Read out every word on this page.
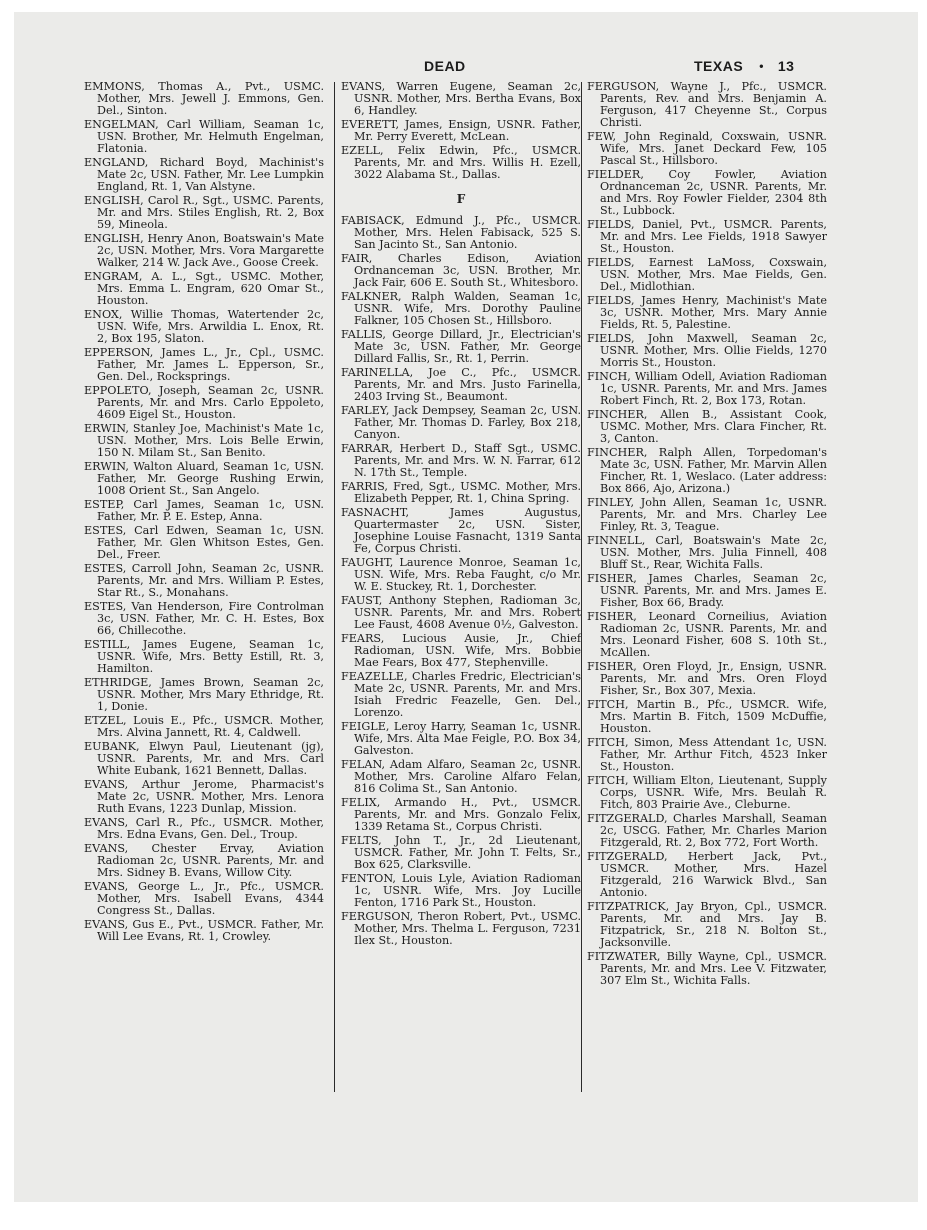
DEAD	TEXAS • 13

EMMONS, Thomas A., Pvt., USMC. Mother, Mrs. Jewell J. Emmons, Gen. Del., Sinton.

ENGELMAN, Carl William, Seaman 1c, USN. Brother, Mr. Helmuth Engelman, Flatonia.

ENGLAND, Richard Boyd, Machinist's Mate 2c, USN. Father, Mr. Lee Lumpkin England, Rt. 1, Van Alstyne.

ENGLISH, Carol R., Sgt., USMC. Parents, Mr. and Mrs. Stiles English, Rt. 2, Box 59, Mineola.

ENGLISH, Henry Anon, Boatswain's Mate 2c, USN. Mother, Mrs. Vora Margarette Walker, 214 W. Jack Ave., Goose Creek.

ENGRAM, A. L., Sgt., USMC. Mother, Mrs. Emma L. Engram, 620 Omar St., Houston.

ENOX, Willie Thomas, Watertender 2c, USN. Wife, Mrs. Arwildia L. Enox, Rt. 2, Box 195, Slaton.

EPPERSON, James L., Jr., Cpl., USMC. Father, Mr. James L. Epperson, Sr., Gen. Del., Rocksprings.

EPPOLETO, Joseph, Seaman 2c, USNR. Parents, Mr. and Mrs. Carlo Eppoleto, 4609 Eigel St., Houston.

ERWIN, Stanley Joe, Machinist's Mate 1c, USN. Mother, Mrs. Lois Belle Erwin, 150 N. Milam St., San Benito.

ERWIN, Walton Aluard, Seaman 1c, USN. Father, Mr. George Rushing Erwin, 1008 Orient St., San Angelo.

ESTEP, Carl James, Seaman 1c, USN. Father, Mr. P. E. Estep, Anna.

ESTES, Carl Edwen, Seaman 1c, USN. Father, Mr. Glen Whitson Estes, Gen. Del., Freer.

ESTES, Carroll John, Seaman 2c, USNR. Parents, Mr. and Mrs. William P. Estes, Star Rt., S., Monahans.

ESTES, Van Henderson, Fire Controlman 3c, USN. Father, Mr. C. H. Estes, Box 66, Chillecothe.

ESTILL, James Eugene, Seaman 1c, USNR. Wife, Mrs. Betty Estill, Rt. 3, Hamilton.

ETHRIDGE, James Brown, Seaman 2c, USNR. Mother, Mrs Mary Ethridge, Rt. 1, Donie.

ETZEL, Louis E., Pfc., USMCR. Mother, Mrs. Alvina Jannett, Rt. 4, Caldwell.

EUBANK, Elwyn Paul, Lieutenant (jg), USNR. Parents, Mr. and Mrs. Carl White Eubank, 1621 Bennett, Dallas.

EVANS, Arthur Jerome, Pharmacist's Mate 2c, USNR. Mother, Mrs. Lenora Ruth Evans, 1223 Dunlap, Mission.

EVANS, Carl R., Pfc., USMCR. Mother, Mrs. Edna Evans, Gen. Del., Troup.

EVANS, Chester Ervay, Aviation Radioman 2c, USNR. Parents, Mr. and Mrs. Sidney B. Evans, Willow City.

EVANS, George L., Jr., Pfc., USMCR. Mother, Mrs. Isabell Evans, 4344 Congress St., Dallas.

EVANS, Gus E., Pvt., USMCR. Father, Mr. Will Lee Evans, Rt. 1, Crowley.

EVANS, Warren Eugene, Seaman 2c, USNR. Mother, Mrs. Bertha Evans, Box 6, Handley.

EVERETT, James, Ensign, USNR. Father, Mr. Perry Everett, McLean.

EZELL, Felix Edwin, Pfc., USMCR. Parents, Mr. and Mrs. Willis H. Ezell, 3022 Alabama St., Dallas.

F

FABISACK, Edmund J., Pfc., USMCR. Mother, Mrs. Helen Fabisack, 525 S. San Jacinto St., San Antonio.

FAIR, Charles Edison, Aviation Ordnanceman 3c, USN. Brother, Mr. Jack Fair, 606 E. South St., Whitesboro.

FALKNER, Ralph Walden, Seaman 1c, USNR. Wife, Mrs. Dorothy Pauline Falkner, 105 Chosen St., Hillsboro.

FALLIS, George Dillard, Jr., Electrician's Mate 3c, USN. Father, Mr. George Dillard Fallis, Sr., Rt. 1, Perrin.

FARINELLA, Joe C., Pfc., USMCR. Parents, Mr. and Mrs. Justo Farinella, 2403 Irving St., Beaumont.

FARLEY, Jack Dempsey, Seaman 2c, USN. Father, Mr. Thomas D. Farley, Box 218, Canyon.

FARRAR, Herbert D., Staff Sgt., USMC. Parents, Mr. and Mrs. W. N. Farrar, 612 N. 17th St., Temple.

FARRIS, Fred, Sgt., USMC. Mother, Mrs. Elizabeth Pepper, Rt. 1, China Spring.

FASNACHT, James Augustus, Quartermaster 2c, USN. Sister, Josephine Louise Fasnacht, 1319 Santa Fe, Corpus Christi.

FAUGHT, Laurence Monroe, Seaman 1c, USN. Wife, Mrs. Reba Faught, c/o Mr. W. E. Stuckey, Rt. 1, Dorchester.

FAUST, Anthony Stephen, Radioman 3c, USNR. Parents, Mr. and Mrs. Robert Lee Faust, 4608 Avenue 0½, Galveston.

FEARS, Lucious Ausie, Jr., Chief Radioman, USN. Wife, Mrs. Bobbie Mae Fears, Box 477, Stephenville.

FEAZELLE, Charles Fredric, Electrician's Mate 2c, USNR. Parents, Mr. and Mrs. Isiah Fredric Feazelle, Gen. Del., Lorenzo.

FEIGLE, Leroy Harry, Seaman 1c, USNR. Wife, Mrs. Alta Mae Feigle, P.O. Box 34, Galveston.

FELAN, Adam Alfaro, Seaman 2c, USNR. Mother, Mrs. Caroline Alfaro Felan, 816 Colima St., San Antonio.

FELIX, Armando H., Pvt., USMCR. Parents, Mr. and Mrs. Gonzalo Felix, 1339 Retama St., Corpus Christi.

FELTS, John T., Jr., 2d Lieutenant, USMCR. Father, Mr. John T. Felts, Sr., Box 625, Clarksville.

FENTON, Louis Lyle, Aviation Radioman 1c, USNR. Wife, Mrs. Joy Lucille Fenton, 1716 Park St., Houston.

FERGUSON, Theron Robert, Pvt., USMC. Mother, Mrs. Thelma L. Ferguson, 7231 Ilex St., Houston.

FERGUSON, Wayne J., Pfc., USMCR. Parents, Rev. and Mrs. Benjamin A. Ferguson, 417 Cheyenne St., Corpus Christi.

FEW, John Reginald, Coxswain, USNR. Wife, Mrs. Janet Deckard Few, 105 Pascal St., Hillsboro.

FIELDER, Coy Fowler, Aviation Ordnanceman 2c, USNR. Parents, Mr. and Mrs. Roy Fowler Fielder, 2304 8th St., Lubbock.

FIELDS, Daniel, Pvt., USMCR. Parents, Mr. and Mrs. Lee Fields, 1918 Sawyer St., Houston.

FIELDS, Earnest LaMoss, Coxswain, USN. Mother, Mrs. Mae Fields, Gen. Del., Midlothian.

FIELDS, James Henry, Machinist's Mate 3c, USNR. Mother, Mrs. Mary Annie Fields, Rt. 5, Palestine.

FIELDS, John Maxwell, Seaman 2c, USNR. Mother, Mrs. Ollie Fields, 1270 Morris St., Houston.

FINCH, William Odell, Aviation Radioman 1c, USNR. Parents, Mr. and Mrs. James Robert Finch, Rt. 2, Box 173, Rotan.

FINCHER, Allen B., Assistant Cook, USMC. Mother, Mrs. Clara Fincher, Rt. 3, Canton.

FINCHER, Ralph Allen, Torpedoman's Mate 3c, USN. Father, Mr. Marvin Allen Fincher, Rt. 1, Weslaco. (Later address: Box 866, Ajo, Arizona.)

FINLEY, John Allen, Seaman 1c, USNR. Parents, Mr. and Mrs. Charley Lee Finley, Rt. 3, Teague.

FINNELL, Carl, Boatswain's Mate 2c, USN. Mother, Mrs. Julia Finnell, 408 Bluff St., Rear, Wichita Falls.

FISHER, James Charles, Seaman 2c, USNR. Parents, Mr. and Mrs. James E. Fisher, Box 66, Brady.

FISHER, Leonard Corneilius, Aviation Radioman 2c, USNR. Parents, Mr. and Mrs. Leonard Fisher, 608 S. 10th St., McAllen.

FISHER, Oren Floyd, Jr., Ensign, USNR. Parents, Mr. and Mrs. Oren Floyd Fisher, Sr., Box 307, Mexia.

FITCH, Martin B., Pfc., USMCR. Wife, Mrs. Martin B. Fitch, 1509 McDuffie, Houston.

FITCH, Simon, Mess Attendant 1c, USN. Father, Mr. Arthur Fitch, 4523 Inker St., Houston.

FITCH, William Elton, Lieutenant, Supply Corps, USNR. Wife, Mrs. Beulah R. Fitch, 803 Prairie Ave., Cleburne.

FITZGERALD, Charles Marshall, Seaman 2c, USCG. Father, Mr. Charles Marion Fitzgerald, Rt. 2, Box 772, Fort Worth.

FITZGERALD, Herbert Jack, Pvt., USMCR. Mother, Mrs. Hazel Fitzgerald, 216 Warwick Blvd., San Antonio.

FITZPATRICK, Jay Bryon, Cpl., USMCR. Parents, Mr. and Mrs. Jay B. Fitzpatrick, Sr., 218 N. Bolton St., Jacksonville.

FITZWATER, Billy Wayne, Cpl., USMCR. Parents, Mr. and Mrs. Lee V. Fitzwater, 307 Elm St., Wichita Falls.
